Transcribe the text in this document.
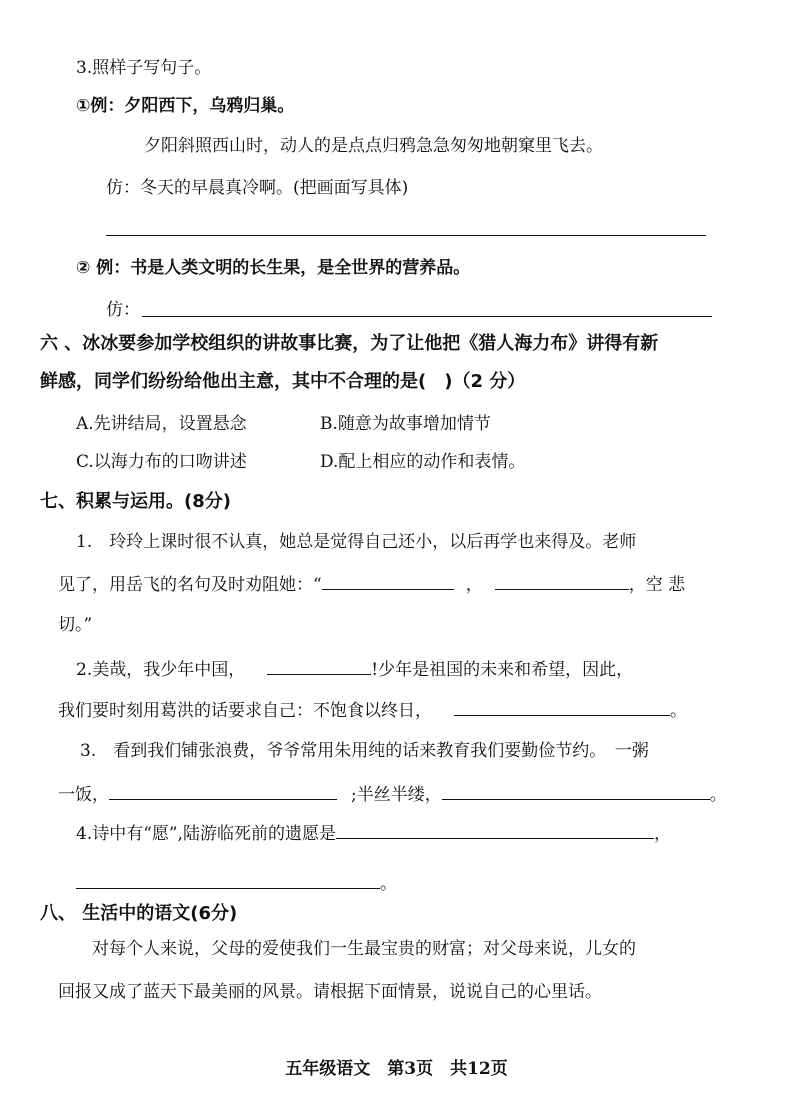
3.照样子写句子。
①例：夕阳西下，乌鸦归巢。
夕阳斜照西山时，动人的是点点归鸦急急匆匆地朝窠里飞去。
仿：冬天的早晨真冷啊。(把画面写具体)
② 例：书是人类文明的长生果，是全世界的营养品。
仿：
六 、冰冰要参加学校组织的讲故事比赛，为了让他把《猎人海力布》讲得有新
鲜感，同学们纷纷给他出主意，其中不合理的是(　)（2 分）
A.先讲结局，设置悬念	B.随意为故事增加情节
C.以海力布的口吻讲述	D.配上相应的动作和表情。
七、积累与运用。(8分)
1.　玲玲上课时很不认真，她总是觉得自己还小，以后再学也来得及。老师
见了，用岳飞的名句及时劝阻她：“	，	，空 悲
切。”
2.美哉，我少年中国，	!少年是祖国的未来和希望，因此，
我们要时刻用葛洪的话要求自己：不饱食以终日，	。
3.　看到我们铺张浪费，爷爷常用朱用纯的话来教育我们要勤俭节约。　一粥
一饭，	;半丝半缕，	。
4.诗中有“愿”,陆游临死前的遗愿是	，
。
八、 生活中的语文(6分)
对每个人来说，父母的爱使我们一生最宝贵的财富；对父母来说，儿女的
回报又成了蓝天下最美丽的风景。请根据下面情景，说说自己的心里话。
五年级语文　第3页　共12页
